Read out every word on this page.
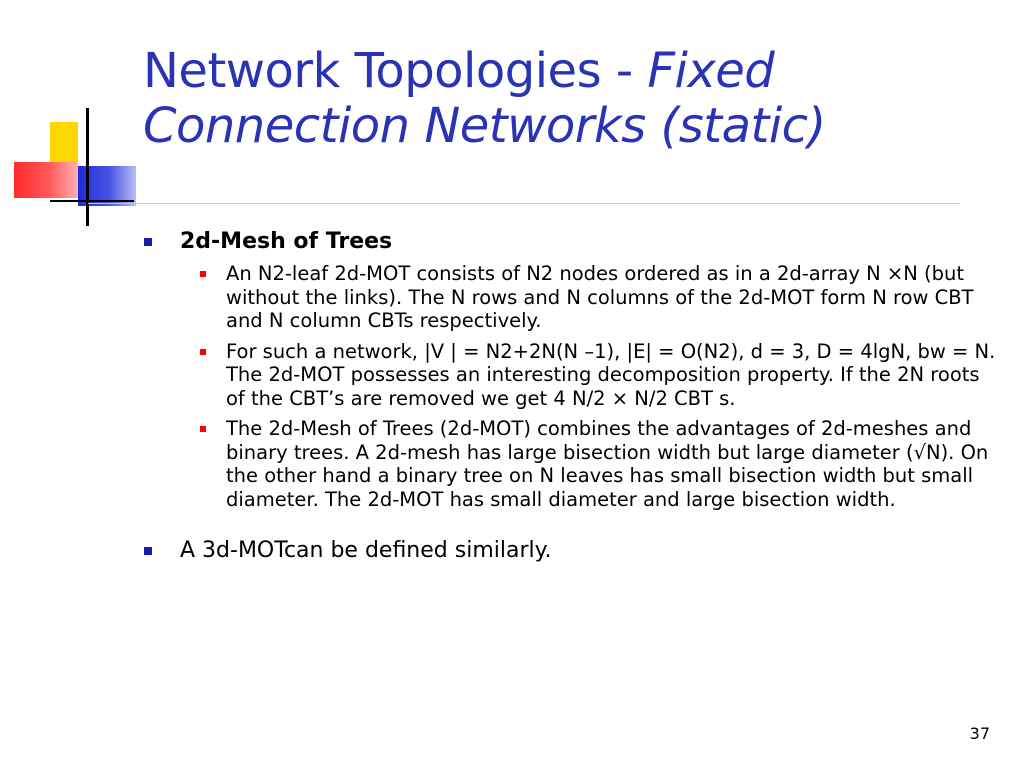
Network Topologies - Fixed Connection Networks (static)
2d-Mesh of Trees
An N2-leaf 2d-MOT consists of N2 nodes ordered as in a 2d-array N ×N (but without the links). The N rows and N columns of the 2d-MOT form N row CBT and N column CBTs respectively.
For such a network, |V | = N2+2N(N –1), |E| = O(N2), d = 3, D = 4lgN, bw = N. The 2d-MOT possesses an interesting decomposition property. If the 2N roots of the CBT’s are removed we get 4 N/2 × N/2 CBT s.
The 2d-Mesh of Trees (2d-MOT) combines the advantages of 2d-meshes and binary trees. A 2d-mesh has large bisection width but large diameter (√N). On the other hand a binary tree on N leaves has small bisection width but small diameter. The 2d-MOT has small diameter and large bisection width.
A 3d-MOTcan be defined similarly.
37
